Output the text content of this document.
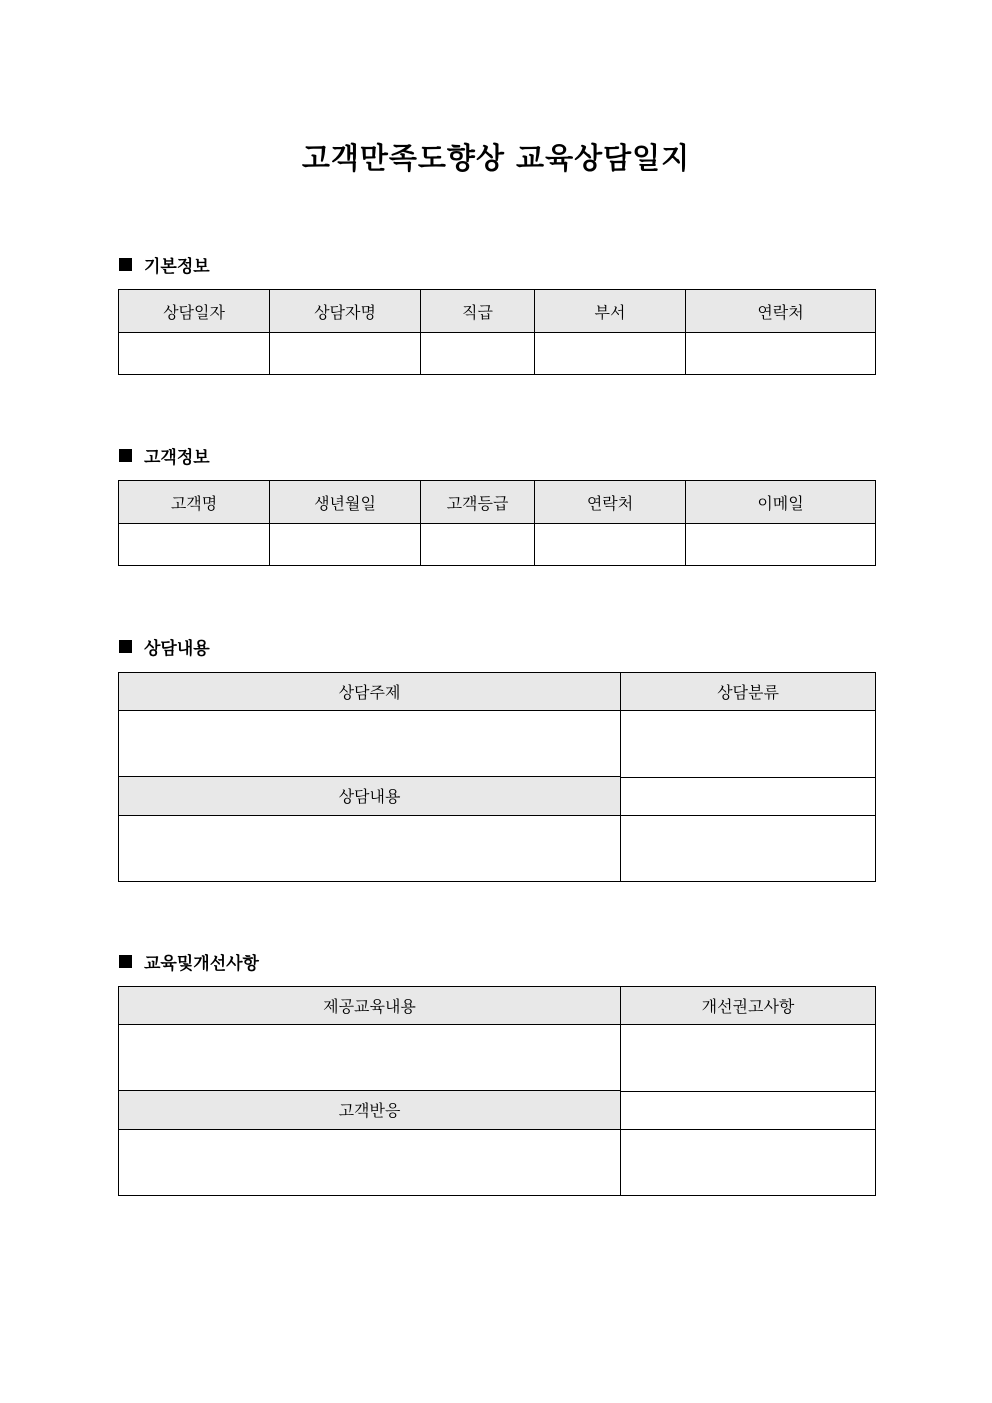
고객만족도향상 교육상담일지
기본정보
상담일자	상담자명	직급	부서	연락처

고객정보
고객명	생년월일	고객등급	연락처	이메일

상담내용
상담주제	상담분류

상담내용	

교육및개선사항
제공교육내용	개선권고사항

고객반응	
